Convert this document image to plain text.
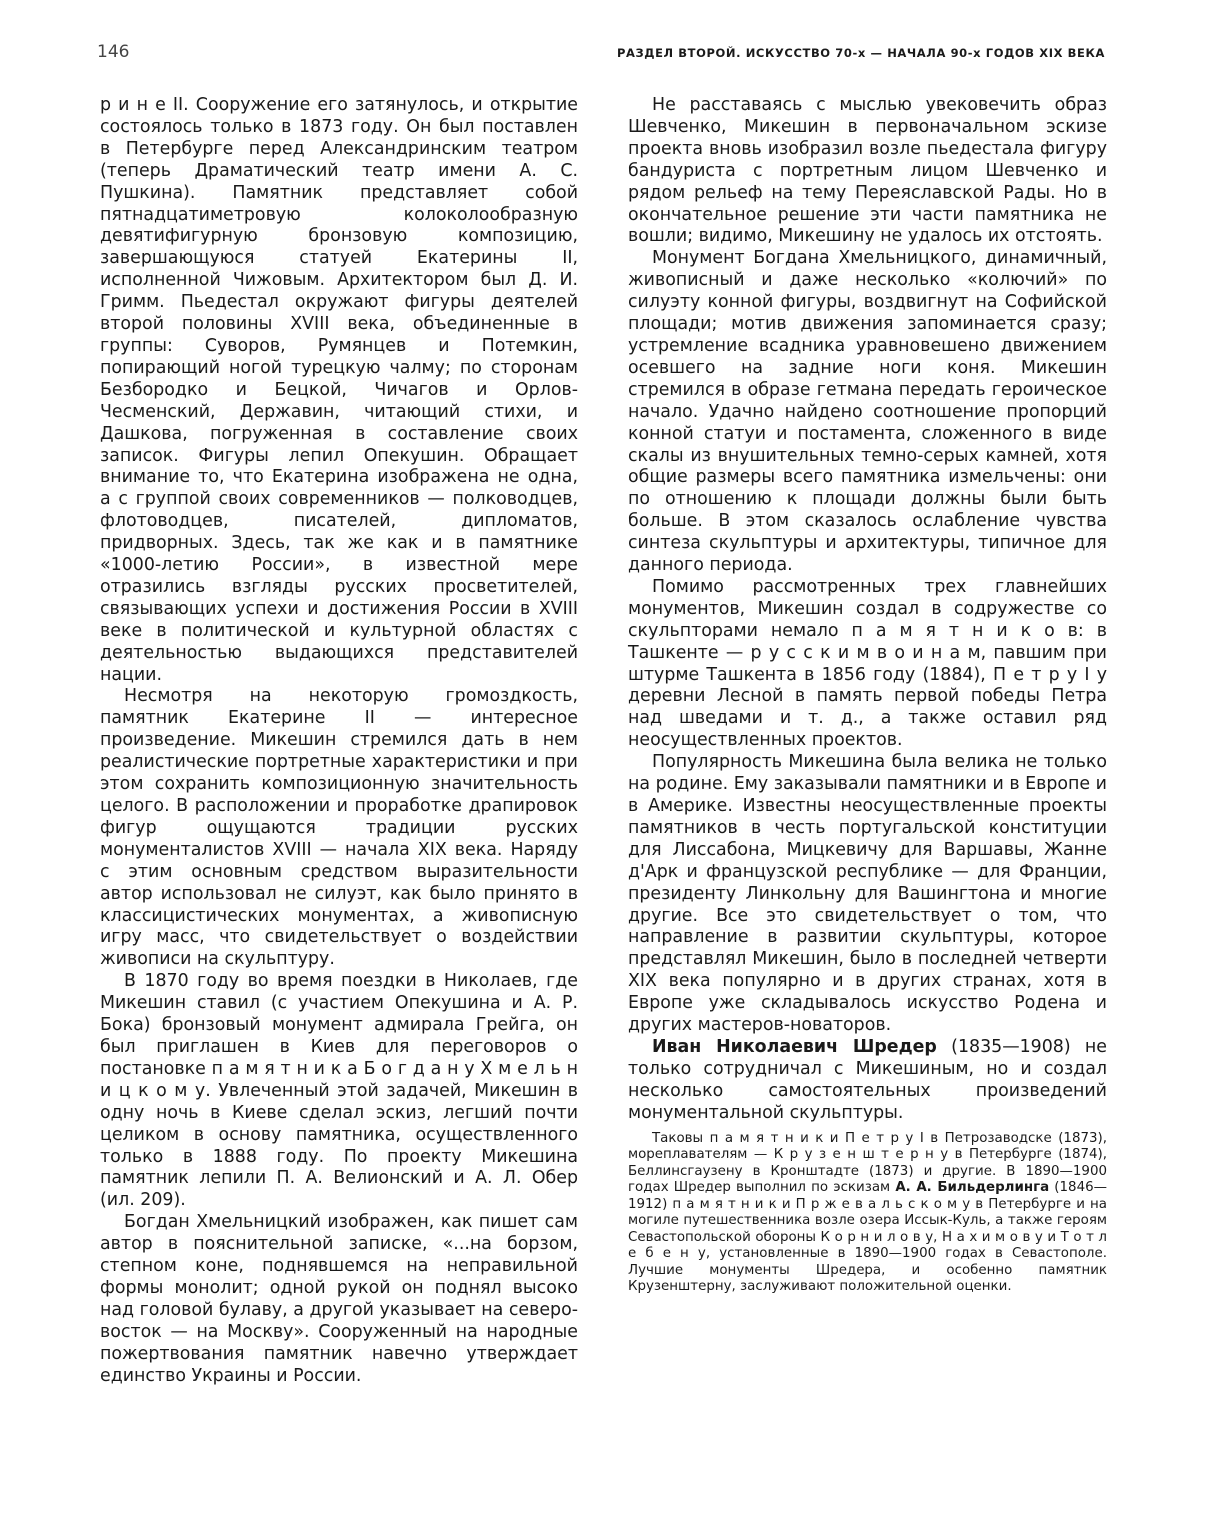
146	РАЗДЕЛ ВТОРОЙ. ИСКУССТВО 70-х — НАЧАЛА 90-х ГОДОВ XIX ВЕКА

р и н е II. Сооружение его затянулось, и открытие состоялось только в 1873 году. Он был поставлен в Петербурге перед Александринским театром (теперь Драматический театр имени А. С. Пушкина). Памятник представляет собой пятнадцатиметровую колоколообразную девятифигурную бронзовую композицию, завершающуюся статуей Екатерины II, исполненной Чижовым. Архитектором был Д. И. Гримм. Пьедестал окружают фигуры деятелей второй половины XVIII века, объединенные в группы: Суворов, Румянцев и Потемкин, попирающий ногой турецкую чалму; по сторонам Безбородко и Бецкой, Чичагов и Орлов-Чесменский, Державин, читающий стихи, и Дашкова, погруженная в составление своих записок. Фигуры лепил Опекушин. Обращает внимание то, что Екатерина изображена не одна, а с группой своих современников — полководцев, флотоводцев, писателей, дипломатов, придворных. Здесь, так же как и в памятнике «1000-летию России», в известной мере отразились взгляды русских просветителей, связывающих успехи и достижения России в XVIII веке в политической и культурной областях с деятельностью выдающихся представителей нации.

Несмотря на некоторую громоздкость, памятник Екатерине II — интересное произведение. Микешин стремился дать в нем реалистические портретные характеристики и при этом сохранить композиционную значительность целого. В расположении и проработке драпировок фигур ощущаются традиции русских монументалистов XVIII — начала XIX века. Наряду с этим основным средством выразительности автор использовал не силуэт, как было принято в классицистических монументах, а живописную игру масс, что свидетельствует о воздействии живописи на скульптуру.

В 1870 году во время поездки в Николаев, где Микешин ставил (с участием Опекушина и А. Р. Бока) бронзовый монумент адмирала Грейга, он был приглашен в Киев для переговоров о постановке п а м я т н и к а Б о г д а н у Х м е л ь н и ц к о м у. Увлеченный этой задачей, Микешин в одну ночь в Киеве сделал эскиз, легший почти целиком в основу памятника, осуществленного только в 1888 году. По проекту Микешина памятник лепили П. А. Велионский и А. Л. Обер (ил. 209).

Богдан Хмельницкий изображен, как пишет сам автор в пояснительной записке, «...на борзом, степном коне, поднявшемся на неправильной формы монолит; одной рукой он поднял высоко над головой булаву, а другой указывает на северо-восток — на Москву». Сооруженный на народные пожертвования памятник навечно утверждает единство Украины и России.

Не расставаясь с мыслью увековечить образ Шевченко, Микешин в первоначальном эскизе проекта вновь изобразил возле пьедестала фигуру бандуриста с портретным лицом Шевченко и рядом рельеф на тему Переяславской Рады. Но в окончательное решение эти части памятника не вошли; видимо, Микешину не удалось их отстоять.

Монумент Богдана Хмельницкого, динамичный, живописный и даже несколько «колючий» по силуэту конной фигуры, воздвигнут на Софийской площади; мотив движения запоминается сразу; устремление всадника уравновешено движением осевшего на задние ноги коня. Микешин стремился в образе гетмана передать героическое начало. Удачно найдено соотношение пропорций конной статуи и постамента, сложенного в виде скалы из внушительных темно-серых камней, хотя общие размеры всего памятника измельчены: они по отношению к площади должны были быть больше. В этом сказалось ослабление чувства синтеза скульптуры и архитектуры, типичное для данного периода.

Помимо рассмотренных трех главнейших монументов, Микешин создал в содружестве со скульпторами немало п а м я т н и к о в: в Ташкенте — р у с с к и м в о и н а м, павшим при штурме Ташкента в 1856 году (1884), П е т р у I у деревни Лесной в память первой победы Петра над шведами и т. д., а также оставил ряд неосуществленных проектов.

Популярность Микешина была велика не только на родине. Ему заказывали памятники и в Европе и в Америке. Известны неосуществленные проекты памятников в честь португальской конституции для Лиссабона, Мицкевичу для Варшавы, Жанне д'Арк и французской республике — для Франции, президенту Линкольну для Вашингтона и многие другие. Все это свидетельствует о том, что направление в развитии скульптуры, которое представлял Микешин, было в последней четверти XIX века популярно и в других странах, хотя в Европе уже складывалось искусство Родена и других мастеров-новаторов.

Иван Николаевич Шредер (1835—1908) не только сотрудничал с Микешиным, но и создал несколько самостоятельных произведений монументальной скульптуры.

Таковы п а м я т н и к и П е т р у I в Петрозаводске (1873), мореплавателям — К р у з е н ш т е р н у в Петербурге (1874), Беллинсгаузену в Кронштадте (1873) и другие. В 1890—1900 годах Шредер выполнил по эскизам А. А. Бильдерлинга (1846—1912) п а м я т н и к и П р ж е в а л ь с к о м у в Петербурге и на могиле путешественника возле озера Иссык-Куль, а также героям Севастопольской обороны К о р н и л о в у, Н а х и м о в у и Т о т л е б е н у, установленные в 1890—1900 годах в Севастополе. Лучшие монументы Шредера, и особенно памятник Крузенштерну, заслуживают положительной оценки.
